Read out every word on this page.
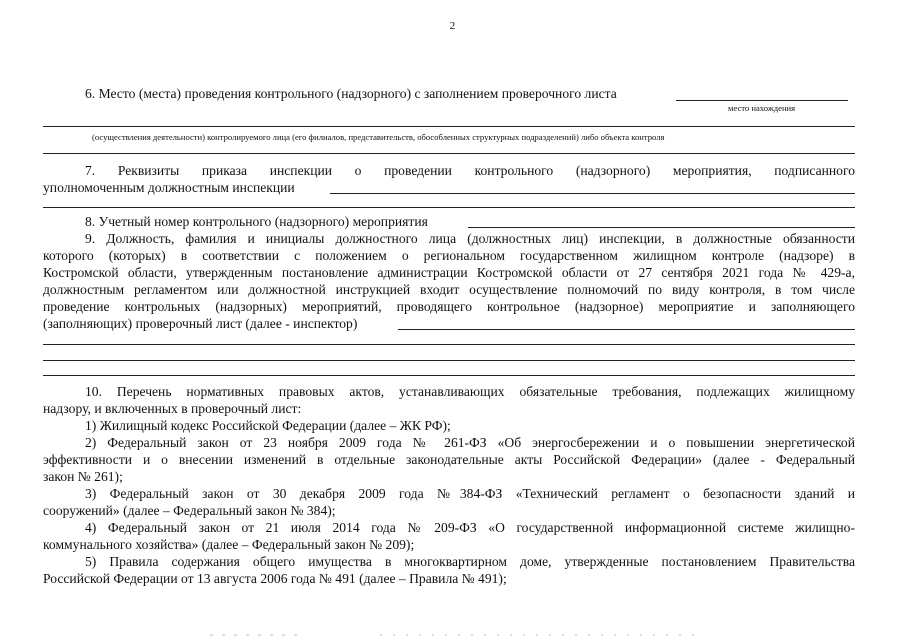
2
6. Место (места) проведения контрольного (надзорного) с заполнением проверочного листа
место нахождения
(осуществления деятельности) контролируемого лица (его филиалов, представительств, обособленных структурных подразделений) либо объекта контроля
7.   Реквизиты   приказа   инспекции   о   проведении   контрольного   (надзорного)   мероприятия,   подписанного
уполномоченным должностным инспекции
8. Учетный номер контрольного (надзорного) мероприятия
9. Должность, фамилия и инициалы должностного лица (должностных лиц) инспекции, в должностные обязанности
которого (которых) в соответствии с положением о региональном государственном жилищном контроле (надзоре) в
Костромской области, утвержденным постановление администрации Костромской области от 27 сентября 2021 года № 429-а,
должностным регламентом или должностной инструкцией входит осуществление полномочий по виду контроля, в том числе
проведение контрольных (надзорных) мероприятий, проводящего контрольное (надзорное) мероприятие и заполняющего
(заполняющих) проверочный лист (далее - инспектор)
10.  Перечень  нормативных  правовых  актов,  устанавливающих  обязательные  требования,  подлежащих  жилищному
надзору, и включенных в проверочный лист:
1) Жилищный кодекс Российской Федерации (далее – ЖК РФ);
2) Федеральный закон от 23 ноября 2009 года № 261-ФЗ «Об энергосбережении и о повышении энергетической
эффективности и о внесении изменений в отдельные законодательные акты Российской Федерации» (далее - Федеральный
закон № 261);
3)  Федеральный  закон  от  30  декабря  2009  года  № 384-ФЗ  «Технический  регламент  о  безопасности  зданий  и
сооружений» (далее – Федеральный закон № 384);
4)  Федеральный  закон  от  21  июля  2014  года  №  209-ФЗ  «О  государственной  информационной  системе  жилищно-
коммунального хозяйства» (далее – Федеральный закон № 209);
5) Правила содержания общего имущества в многоквартирном доме, утвержденные постановлением Правительства
Российской Федерации от 13 августа 2006 года № 491 (далее – Правила № 491);
